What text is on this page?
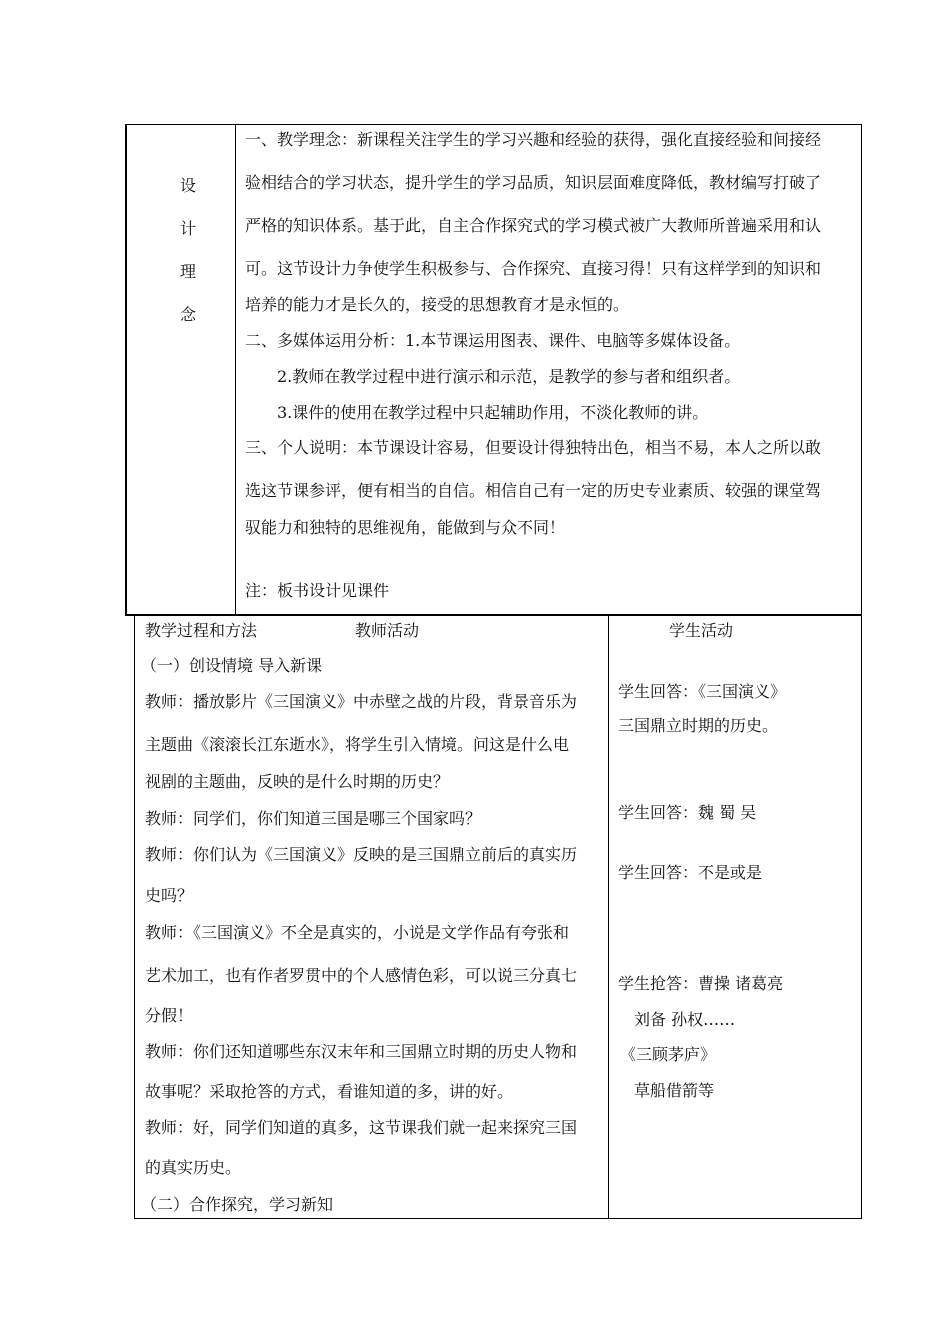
设
计
理
念
一、教学理念：新课程关注学生的学习兴趣和经验的获得，强化直接经验和间接经
验相结合的学习状态，提升学生的学习品质，知识层面难度降低，教材编写打破了
严格的知识体系。基于此，自主合作探究式的学习模式被广大教师所普遍采用和认
可。这节设计力争使学生积极参与、合作探究、直接习得！只有这样学到的知识和
培养的能力才是长久的，接受的思想教育才是永恒的。
二、多媒体运用分析：1.本节课运用图表、课件、电脑等多媒体设备。
2.教师在教学过程中进行演示和示范，是教学的参与者和组织者。
3.课件的使用在教学过程中只起辅助作用，不淡化教师的讲。
三、个人说明：本节课设计容易，但要设计得独特出色，相当不易，本人之所以敢
选这节课参评，便有相当的自信。相信自己有一定的历史专业素质、较强的课堂驾
驭能力和独特的思维视角，能做到与众不同！
注：板书设计见课件
教学过程和方法	教师活动	学生活动
（一）创设情境 导入新课
教师：播放影片《三国演义》中赤壁之战的片段，背景音乐为
主题曲《滚滚长江东逝水》，将学生引入情境。问这是什么电
视剧的主题曲，反映的是什么时期的历史？
教师：同学们，你们知道三国是哪三个国家吗？
教师：你们认为《三国演义》反映的是三国鼎立前后的真实历
史吗？
教师：《三国演义》不全是真实的，小说是文学作品有夸张和
艺术加工，也有作者罗贯中的个人感情色彩，可以说三分真七
分假！
教师：你们还知道哪些东汉末年和三国鼎立时期的历史人物和
故事呢？采取抢答的方式，看谁知道的多，讲的好。
教师：好，同学们知道的真多，这节课我们就一起来探究三国
的真实历史。
（二）合作探究，学习新知
学生回答：《三国演义》
三国鼎立时期的历史。
学生回答：魏 蜀 吴
学生回答：不是或是
学生抢答：曹操 诸葛亮
刘备 孙权……
《三顾茅庐》
草船借箭等
